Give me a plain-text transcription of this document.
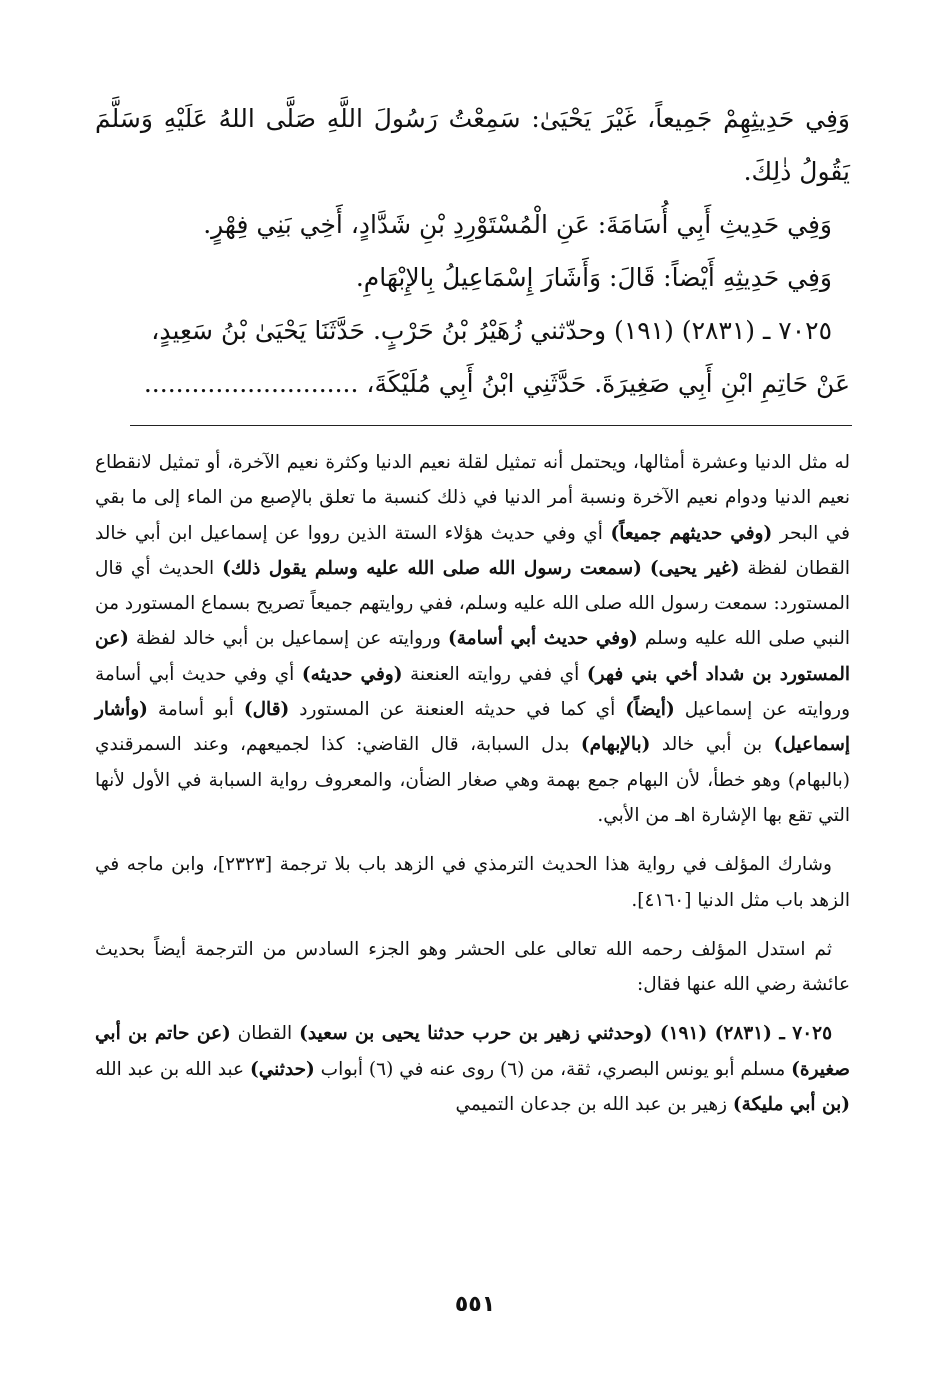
وَفِي حَدِيثِهِمْ جَمِيعاً، غَيْرَ يَحْيَىٰ: سَمِعْتُ رَسُولَ اللَّهِ صَلَّى اللهُ عَلَيْهِ وَسَلَّمَ

يَقُولُ ذٰلِكَ.

وَفِي حَدِيثِ أَبِي أُسَامَةَ: عَنِ الْمُسْتَوْرِدِ بْنِ شَدَّادٍ، أَخِي بَنِي فِهْرٍ.

وَفِي حَدِيثِهِ أَيْضاً: قَالَ: وَأَشَارَ إِسْمَاعِيلُ بِالإِبْهَامِ.

٧٠٢٥ ـ (٢٨٣١) (١٩١) وحدّثني زُهَيْرُ بْنُ حَرْبٍ. حَدَّثَنَا يَحْيَىٰ بْنُ سَعِيدٍ،

عَنْ حَاتِمِ ابْنِ أَبِي صَغِيرَةَ. حَدَّثَنِي ابْنُ أَبِي مُلَيْكَةَ، ...........................

له مثل الدنيا وعشرة أمثالها، ويحتمل أنه تمثيل لقلة نعيم الدنيا وكثرة نعيم الآخرة، أو تمثيل لانقطاع نعيم الدنيا ودوام نعيم الآخرة ونسبة أمر الدنيا في ذلك كنسبة ما تعلق بالإصبع من الماء إلى ما بقي في البحر (وفي حديثهم جميعاً) أي وفي حديث هؤلاء الستة الذين رووا عن إسماعيل ابن أبي خالد القطان لفظة (غير يحيى) (سمعت رسول الله صلى الله عليه وسلم يقول ذلك) الحديث أي قال المستورد: سمعت رسول الله صلى الله عليه وسلم، ففي روايتهم جميعاً تصريح بسماع المستورد من النبي صلى الله عليه وسلم (وفي حديث أبي أسامة) وروايته عن إسماعيل بن أبي خالد لفظة (عن المستورد بن شداد أخي بني فهر) أي ففي روايته العنعنة (وفي حديثه) أي وفي حديث أبي أسامة وروايته عن إسماعيل (أيضاً) أي كما في حديثه العنعنة عن المستورد (قال) أبو أسامة (وأشار إسماعيل) بن أبي خالد (بالإبهام) بدل السبابة، قال القاضي: كذا لجميعهم، وعند السمرقندي (بالبهام) وهو خطأ، لأن البهام جمع بهمة وهي صغار الضأن، والمعروف رواية السبابة في الأول لأنها التي تقع بها الإشارة اهـ من الأبي.

وشارك المؤلف في رواية هذا الحديث الترمذي في الزهد باب بلا ترجمة [٢٣٢٣]، وابن ماجه في الزهد باب مثل الدنيا [٤١٦٠].

ثم استدل المؤلف رحمه الله تعالى على الحشر وهو الجزء السادس من الترجمة أيضاً بحديث عائشة رضي الله عنها فقال:

٧٠٢٥ ـ (٢٨٣١) (١٩١) (وحدثني زهير بن حرب حدثنا يحيى بن سعيد) القطان (عن حاتم بن أبي صغيرة) مسلم أبو يونس البصري، ثقة، من (٦) روى عنه في (٦) أبواب (حدثني) عبد الله بن عبد الله (بن أبي مليكة) زهير بن عبد الله بن جدعان التميمي

٥٥١
